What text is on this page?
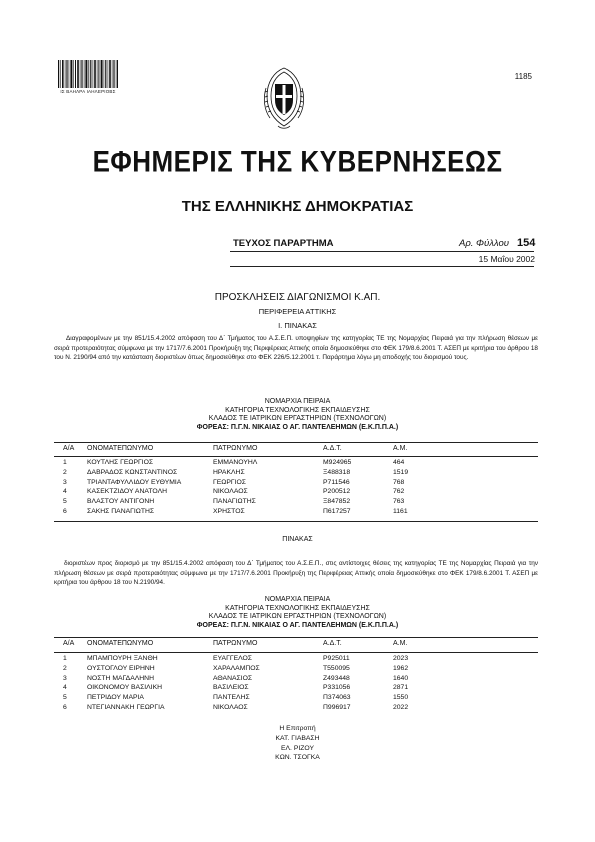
ΙΣ ΒΑΗΛΡΑ ΙΑΗΛΕΡΙΟΒΣ
1185
ΕΦΗΜΕΡΙΣ ΤΗΣ ΚΥΒΕΡΝΗΣΕΩΣ
ΤΗΣ ΕΛΛΗΝΙΚΗΣ ΔΗΜΟΚΡΑΤΙΑΣ
ΤΕΥΧΟΣ ΠΑΡΑΡΤΗΜΑ	Αρ. Φύλλου 154
15 Μαΐου 2002
ΠΡΟΣΚΛΗΣΕΙΣ ΔΙΑΓΩΝΙΣΜΟΙ Κ.ΑΠ.
ΠΕΡΙΦΕΡΕΙΑ ΑΤΤΙΚΗΣ
Ι. ΠΙΝΑΚΑΣ
Διαγραφομένων με την 851/15.4.2002 απόφαση του Δ΄ Τμήματος του Α.Σ.Ε.Π. υποψηφίων της κατηγορίας ΤΕ της Νομαρχίας Πειραιά για την πλήρωση θέσεων με σειρά προτεραιότητας σύμφωνα με την 1717/7.6.2001 Προκήρυξη της Περιφέρειας Αττικής οποία δημοσιεύθηκε στο ΦΕΚ 179/8.6.2001 Τ. ΑΣΕΠ με κριτήρια του άρθρου 18 του Ν. 2190/94 από την κατάσταση διοριστέων όπως δημοσιεύθηκε στο ΦΕΚ 226/5.12.2001 τ. Παράρτημα λόγω μη αποδοχής του διορισμού τους.
ΝΟΜΑΡΧΙΑ ΠΕΙΡΑΙΑ
ΚΑΤΗΓΟΡΙΑ ΤΕΧΝΟΛΟΓΙΚΗΣ ΕΚΠΑΙΔΕΥΣΗΣ
ΚΛΑΔΟΣ ΤΕ ΙΑΤΡΙΚΩΝ ΕΡΓΑΣΤΗΡΙΩΝ (ΤΕΧΝΟΛΟΓΩΝ)
ΦΟΡΕΑΣ: Π.Γ.Ν. ΝΙΚΑΙΑΣ Ο ΑΓ. ΠΑΝΤΕΛΕΗΜΩΝ (Ε.Κ.Π.Π.Α.)
Α/Α	ΟΝΟΜΑΤΕΠΩΝΥΜΟ	ΠΑΤΡΩΝΥΜΟ	Α.Δ.Τ.	Α.Μ.
1	ΚΟΥΤΛΗΣ ΓΕΩΡΓΙΟΣ	ΕΜΜΑΝΟΥΗΛ	Μ924965	464
2	ΔΑΒΡΑΔΟΣ ΚΩΝΣΤΑΝΤΙΝΟΣ	ΗΡΑΚΛΗΣ	Ξ488318	1519
3	ΤΡΙΑΝΤΑΦΥΛΛΙΔΟΥ ΕΥΘΥΜΙΑ	ΓΕΩΡΓΙΟΣ	Ρ711546	768
4	ΚΑΣΕΚΤΖΙΔΟΥ ΑΝΑΤΟΛΗ	ΝΙΚΟΛΑΟΣ	Ρ200512	762
5	ΒΛΑΣΤΟΥ ΑΝΤΙΓΟΝΗ	ΠΑΝΑΓΙΩΤΗΣ	Ξ847852	763
6	ΣΑΚΗΣ ΠΑΝΑΓΙΩΤΗΣ	ΧΡΗΣΤΟΣ	Π617257	1161
ΠΙΝΑΚΑΣ
διοριστέων προς διορισμό με την 851/15.4.2002 απόφαση του Δ΄ Τμήματος του Α.Σ.Ε.Π., στις αντίστοιχες θέσεις της κατηγορίας ΤΕ της Νομαρχίας Πειραιά για την πλήρωση θέσεων με σειρά προτεραιότητας σύμφωνα με την 1717/7.6.2001 Προκήρυξη της Περιφέρειας Αττικής οποία δημοσιεύθηκε στο ΦΕΚ 179/8.6.2001 Τ. ΑΣΕΠ με κριτήρια του άρθρου 18 του Ν.2190/94.
ΝΟΜΑΡΧΙΑ ΠΕΙΡΑΙΑ
ΚΑΤΗΓΟΡΙΑ ΤΕΧΝΟΛΟΓΙΚΗΣ ΕΚΠΑΙΔΕΥΣΗΣ
ΚΛΑΔΟΣ ΤΕ ΙΑΤΡΙΚΩΝ ΕΡΓΑΣΤΗΡΙΩΝ (ΤΕΧΝΟΛΟΓΩΝ)
ΦΟΡΕΑΣ: Π.Γ.Ν. ΝΙΚΑΙΑΣ Ο ΑΓ. ΠΑΝΤΕΛΕΗΜΩΝ (Ε.Κ.Π.Π.Α.)
Α/Α	ΟΝΟΜΑΤΕΠΩΝΥΜΟ	ΠΑΤΡΩΝΥΜΟ	Α.Δ.Τ.	Α.Μ.
1	ΜΠΑΜΠΟΥΡΗ ΞΑΝΘΗ	ΕΥΑΓΓΕΛΟΣ	Ρ925011	2023
2	ΟΥΣΤΟΓΛΟΥ ΕΙΡΗΝΗ	ΧΑΡΑΛΑΜΠΟΣ	Τ550095	1962
3	ΝΟΣΤΗ ΜΑΓΔΑΛΗΝΗ	ΑΘΑΝΑΣΙΟΣ	Ζ493448	1640
4	ΟΙΚΟΝΟΜΟΥ ΒΑΣΙΛΙΚΗ	ΒΑΣΙΛΕΙΟΣ	Ρ331056	2871
5	ΠΕΤΡΙΔΟΥ ΜΑΡΙΑ	ΠΑΝΤΕΛΗΣ	Π374063	1550
6	ΝΤΕΓΙΑΝΝΑΚΗ ΓΕΩΡΓΙΑ	ΝΙΚΟΛΑΟΣ	Π996917	2022
Η Επιτροπή
ΚΑΤ. ΓΙΑΒΑΣΗ
ΕΛ. ΡΙΖΟΥ
ΚΩΝ. ΤΣΟΓΚΑ
